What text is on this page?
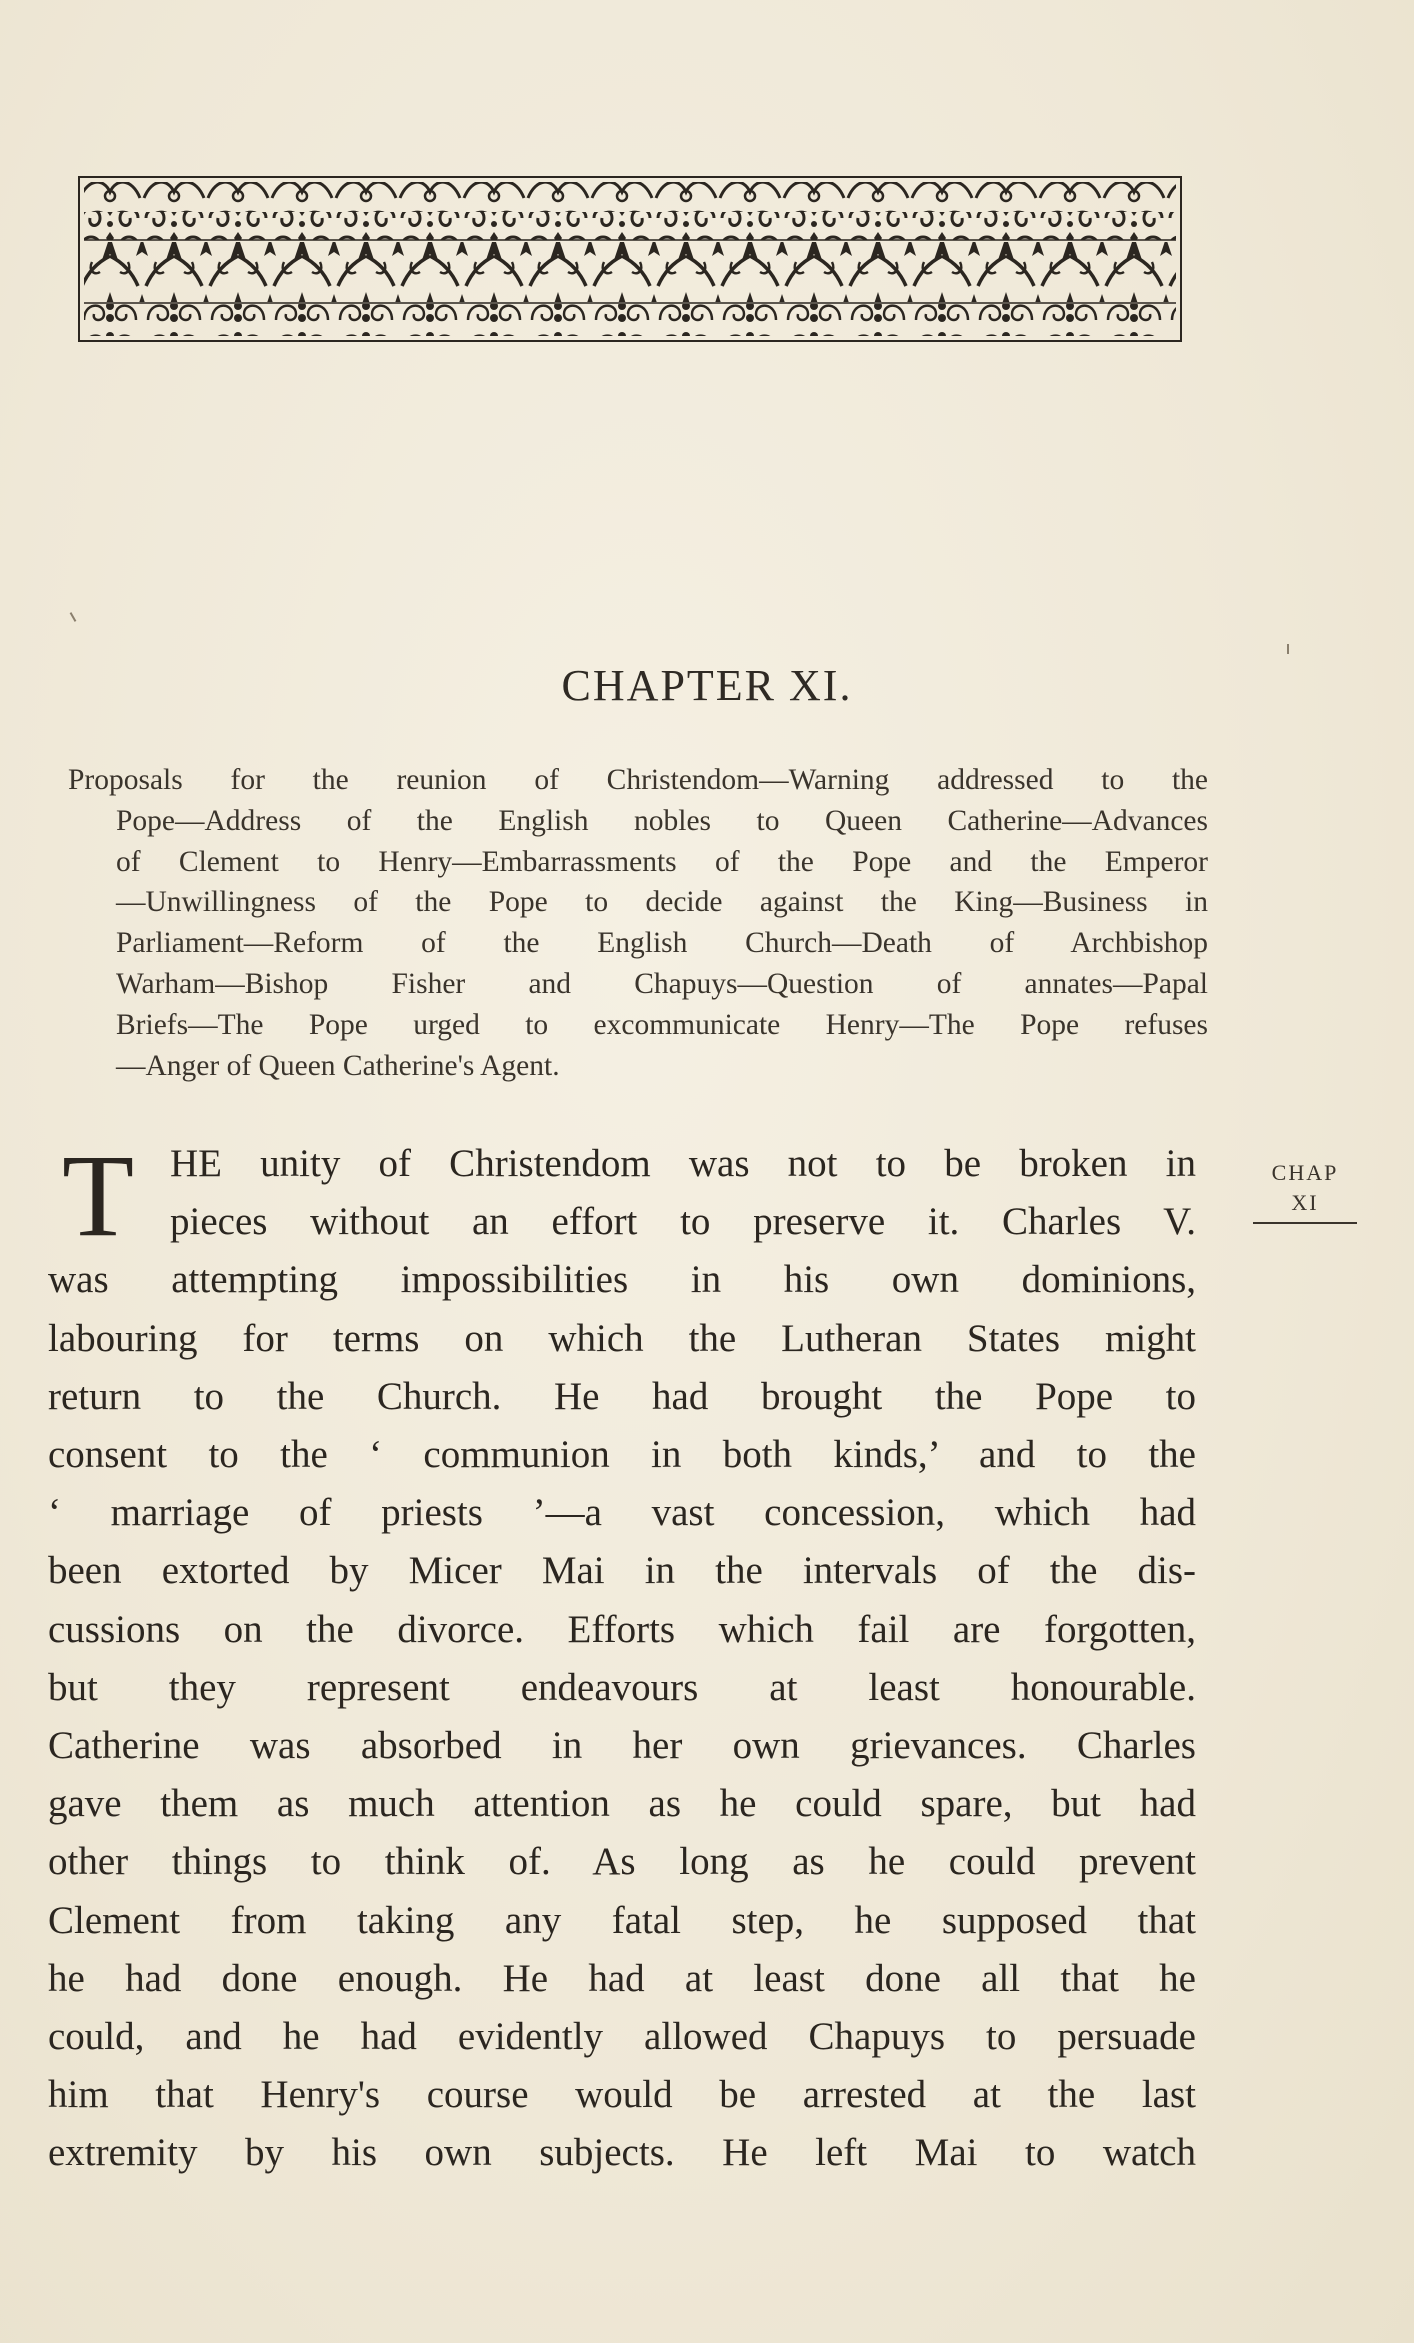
CHAPTER XI.
Proposals for the reunion of Christendom—Warning addressed to the
Pope—Address of the English nobles to Queen Catherine—Advances
of Clement to Henry—Embarrassments of the Pope and the Emperor
—Unwillingness of the Pope to decide against the King—Business in
Parliament—Reform of the English Church—Death of Archbishop
Warham—Bishop Fisher and Chapuys—Question of annates—Papal
Briefs—The Pope urged to excommunicate Henry—The Pope refuses
—Anger of Queen Catherine's Agent.
T HE unity of Christendom was not to be broken in
pieces without an effort to preserve it. Charles V.
was attempting impossibilities in his own dominions,
labouring for terms on which the Lutheran States might
return to the Church. He had brought the Pope to
consent to the ‘ communion in both kinds,’ and to the
‘ marriage of priests ’—a vast concession, which had
been extorted by Micer Mai in the intervals of the dis-
cussions on the divorce. Efforts which fail are forgotten,
but they represent endeavours at least honourable.
Catherine was absorbed in her own grievances. Charles
gave them as much attention as he could spare, but had
other things to think of. As long as he could prevent
Clement from taking any fatal step, he supposed that
he had done enough. He had at least done all that he
could, and he had evidently allowed Chapuys to persuade
him that Henry's course would be arrested at the last
extremity by his own subjects. He left Mai to watch
CHAP
XI
